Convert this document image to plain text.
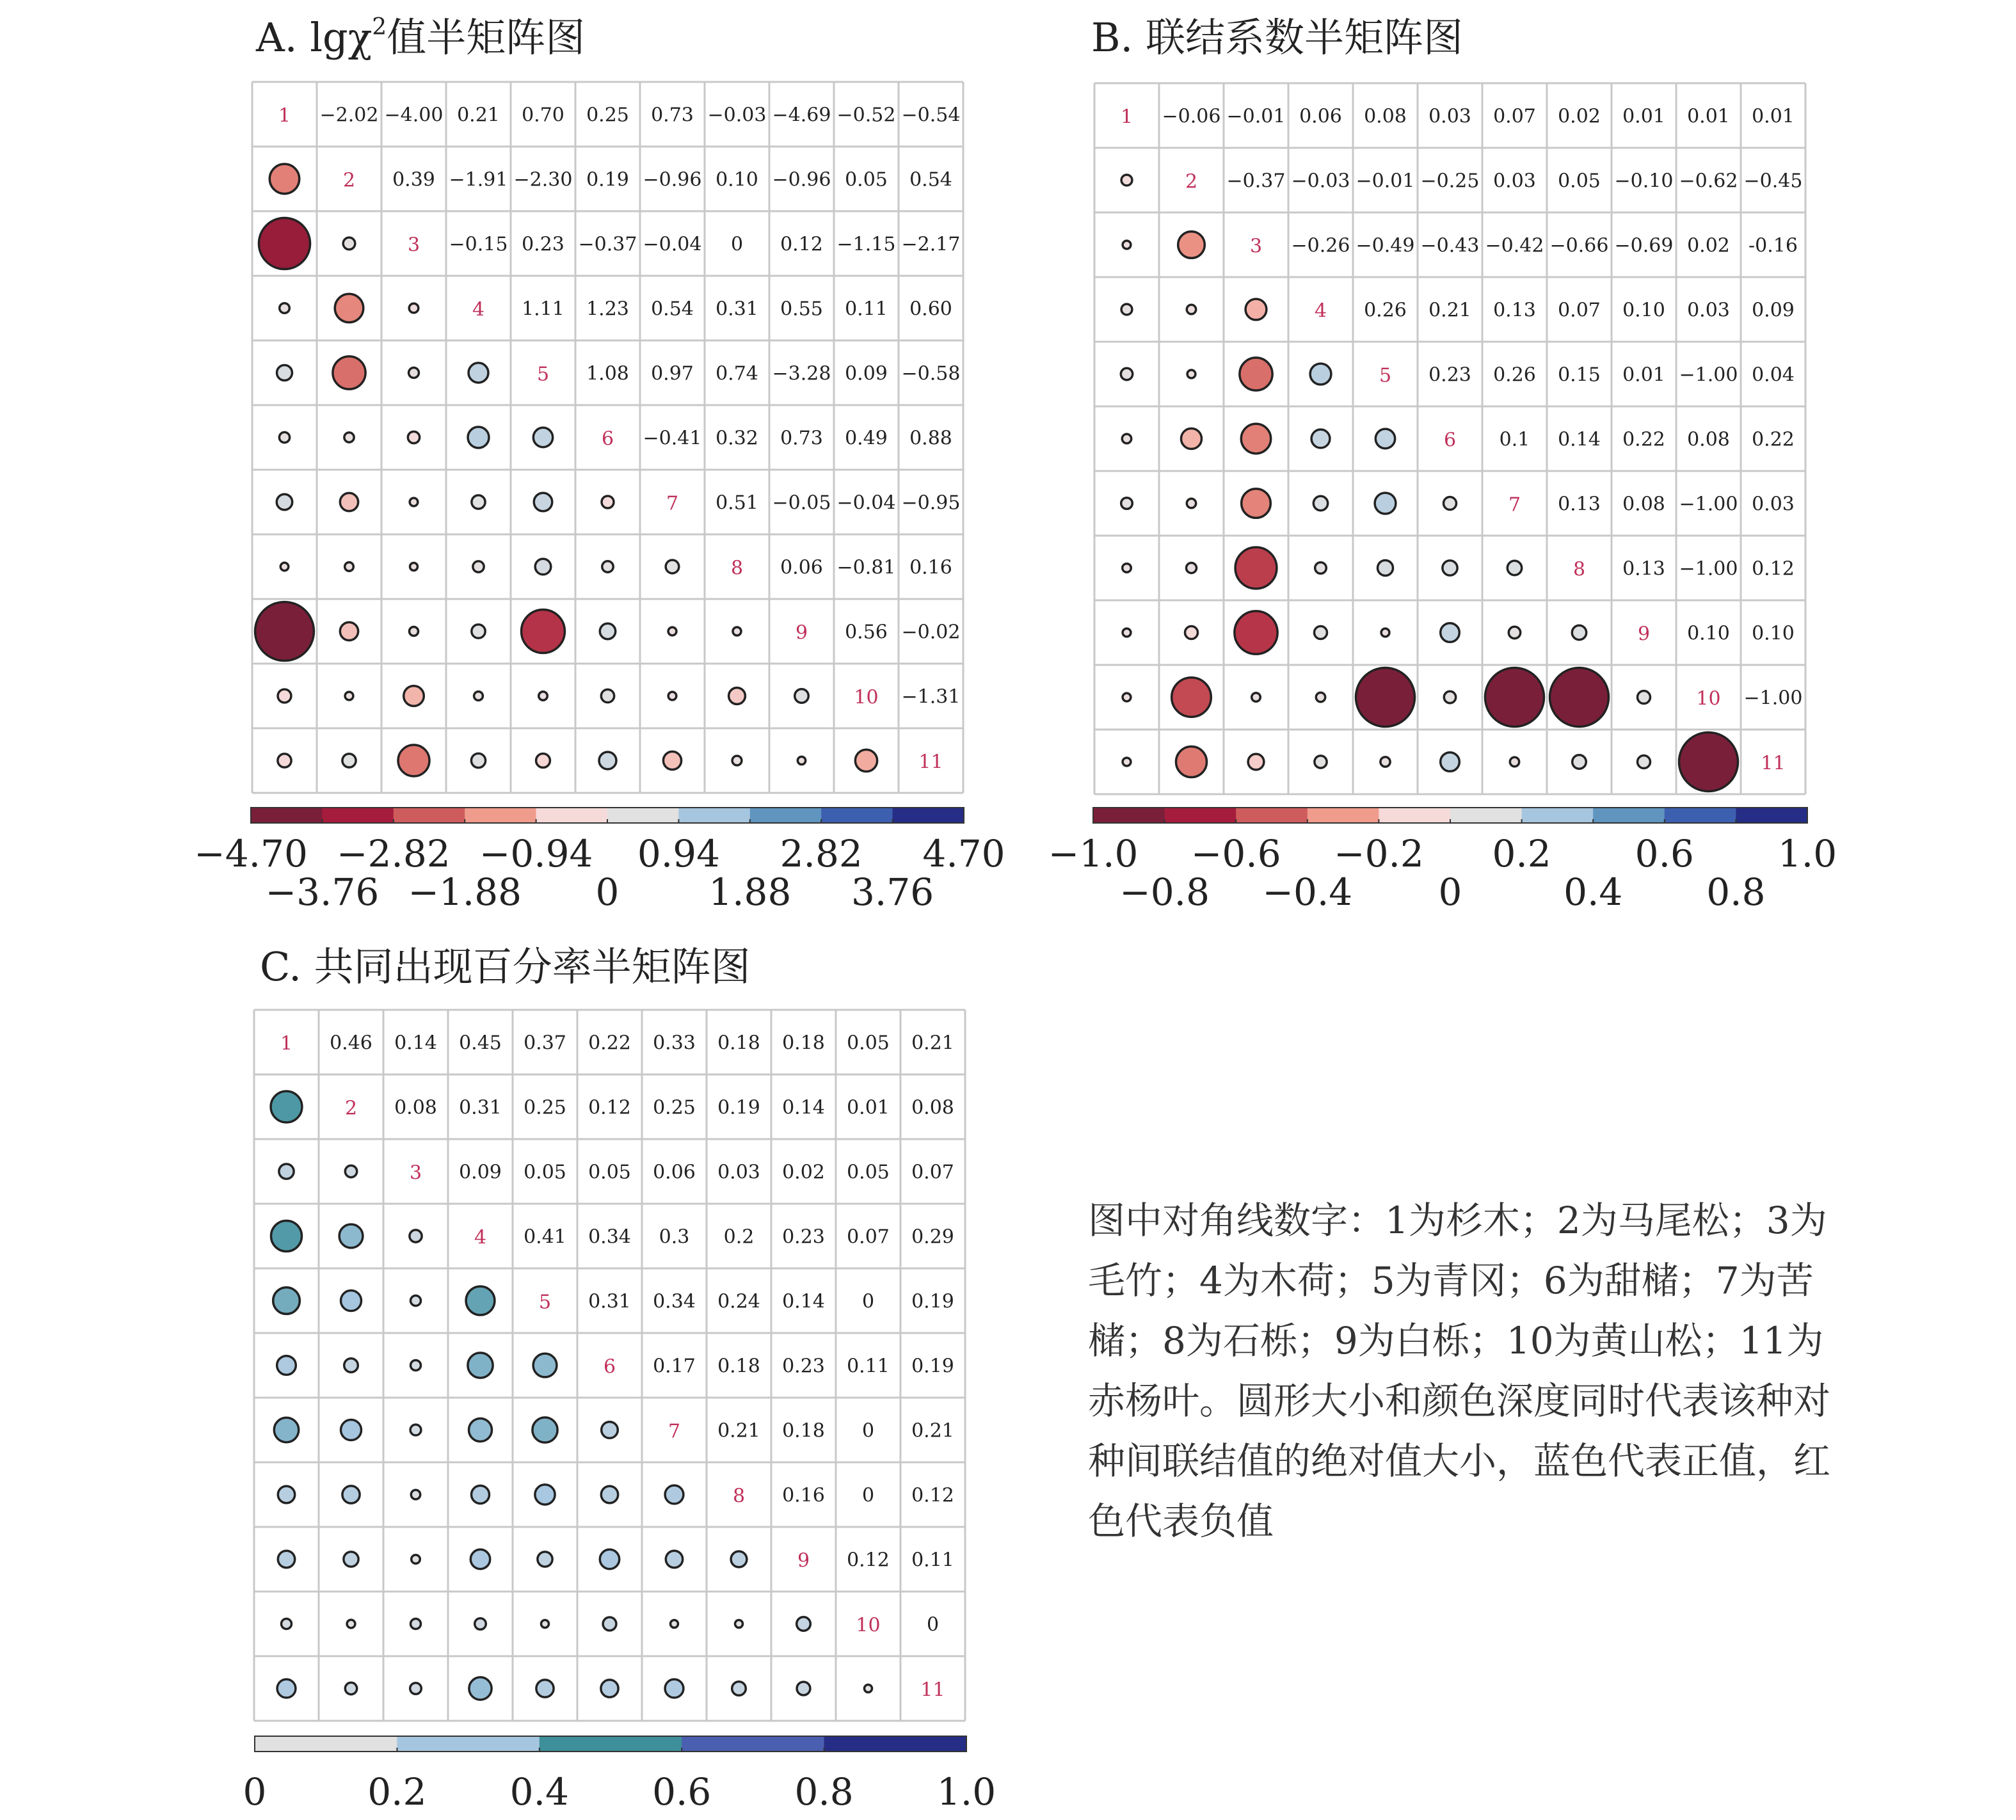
A. lgχ$^2$值半矩阵图
1 −2.02 −4.00 0.21 0.70 0.25 0.73 −0.03 −4.69 −0.52 −0.54
2 0.39 −1.91 −2.30 0.19 −0.96 0.10 −0.96 0.05 0.54
3 −0.15 0.23 −0.37 −0.04 0 0.12 −1.15 −2.17
4 1.11 1.23 0.54 0.31 0.55 0.11 0.60
5 1.08 0.97 0.74 −3.28 0.09 −0.58
6 −0.41 0.32 0.73 0.49 0.88
7 0.51 −0.05 −0.04 −0.95
8 0.06 −0.81 0.16
9 0.56 −0.02
10 −1.31
11
−4.70 −2.82 −0.94 0.94 2.82 4.70
−3.76 −1.88 0 1.88 3.76
B. 联结系数半矩阵图
1 −0.06 −0.01 0.06 0.08 0.03 0.07 0.02 0.01 0.01 0.01
2 −0.37 −0.03 −0.01 −0.25 0.03 0.05 −0.10 −0.62 −0.45
3 −0.26 −0.49 −0.43 −0.42 −0.66 −0.69 0.02 -0.16
4 0.26 0.21 0.13 0.07 0.10 0.03 0.09
5 0.23 0.26 0.15 0.01 −1.00 0.04
6 0.1 0.14 0.22 0.08 0.22
7 0.13 0.08 −1.00 0.03
8 0.13 −1.00 0.12
9 0.10 0.10
10 −1.00
11
−1.0 −0.6 −0.2 0.2 0.6 1.0
−0.8 −0.4 0	0.4 0.8
C. 共同出现百分率半矩阵图
1 0.46 0.14 0.45 0.37 0.22 0.33 0.18 0.18 0.05 0.21
2 0.08 0.31 0.25 0.12 0.25 0.19 0.14 0.01 0.08
3 0.09 0.05 0.05 0.06 0.03 0.02 0.05 0.07
4 0.41 0.34 0.3 0.2 0.23 0.07 0.29
5 0.31 0.34 0.24 0.14 0 0.19
6 0.17 0.18 0.23 0.11 0.19
7 0.21 0.18 0 0.21
8 0.16 0 0.12
9 0.12 0.11
10 0
11
0	0.2 0.4 0.6 0.8 1.0
图中对角线数字：1为杉木；2为马尾松；3为毛竹；4为木荷；5为青冈；6为甜槠；7为苦槠；8为石栎；9为白栎；10为黄山松；11为赤杨叶。圆形大小和颜色深度同时代表该种对种间联结值的绝对值大小，蓝色代表正值，红色代表负值
